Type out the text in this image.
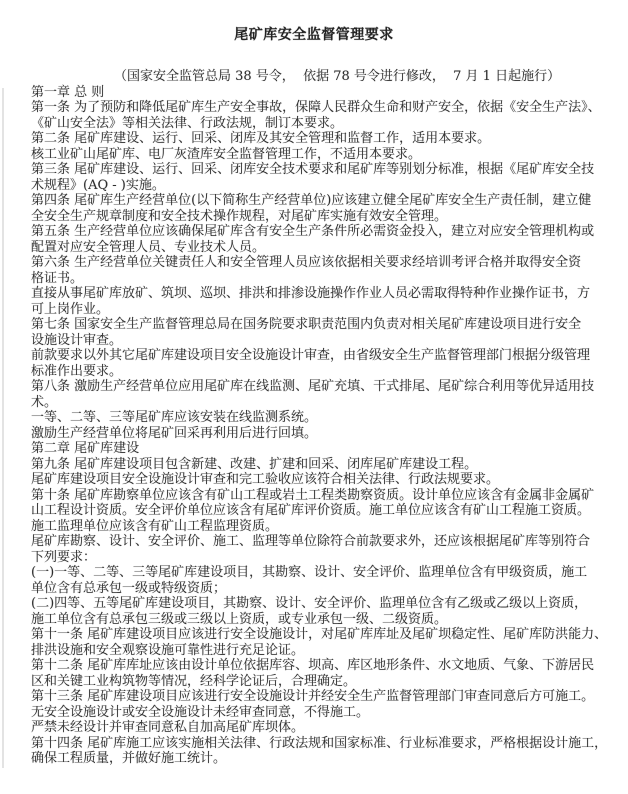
尾矿库安全监督管理要求
（国家安全监管总局 38 号令，  依据 78 号令进行修改，  7 月 1 日起施行）
第一章 总 则
第一条 为了预防和降低尾矿库生产安全事故，保障人民群众生命和财产安全，依据《安全生产法》、
《矿山安全法》等相关法律、行政法规，制订本要求。
第二条 尾矿库建设、运行、回采、闭库及其安全管理和监督工作，适用本要求。
核工业矿山尾矿库、电厂灰渣库安全监督管理工作，不适用本要求。
第三条 尾矿库建设、运行、回采、闭库安全技术要求和尾矿库等别划分标准，根据《尾矿库安全技
术规程》(AQ - )实施。
第四条 尾矿库生产经营单位(以下简称生产经营单位)应该建立健全尾矿库安全生产责任制，建立健
全安全生产规章制度和安全技术操作规程，对尾矿库实施有效安全管理。
第五条 生产经营单位应该确保尾矿库含有安全生产条件所必需资金投入，建立对应安全管理机构或
配置对应安全管理人员、专业技术人员。
第六条 生产经营单位关键责任人和安全管理人员应该依据相关要求经培训考评合格并取得安全资
格证书。
直接从事尾矿库放矿、筑坝、巡坝、排洪和排渗设施操作作业人员必需取得特种作业操作证书，方
可上岗作业。
第七条 国家安全生产监督管理总局在国务院要求职责范围内负责对相关尾矿库建设项目进行安全
设施设计审查。
前款要求以外其它尾矿库建设项目安全设施设计审查，由省级安全生产监督管理部门根据分级管理
标准作出要求。
第八条 激励生产经营单位应用尾矿库在线监测、尾矿充填、干式排尾、尾矿综合利用等优异适用技
术。
一等、二等、三等尾矿库应该安装在线监测系统。
激励生产经营单位将尾矿回采再利用后进行回填。
第二章 尾矿库建设
第九条 尾矿库建设项目包含新建、改建、扩建和回采、闭库尾矿库建设工程。
尾矿库建设项目安全设施设计审查和完工验收应该符合相关法律、行政法规要求。
第十条 尾矿库勘察单位应该含有矿山工程或岩土工程类勘察资质。设计单位应该含有金属非金属矿
山工程设计资质。安全评价单位应该含有尾矿库评价资质。施工单位应该含有矿山工程施工资质。
施工监理单位应该含有矿山工程监理资质。
尾矿库勘察、设计、安全评价、施工、监理等单位除符合前款要求外，还应该根据尾矿库等别符合
下列要求：
(一)一等、二等、三等尾矿库建设项目，其勘察、设计、安全评价、监理单位含有甲级资质，施工
单位含有总承包一级或特级资质；
(二)四等、五等尾矿库建设项目，其勘察、设计、安全评价、监理单位含有乙级或乙级以上资质，
施工单位含有总承包三级或三级以上资质，或专业承包一级、二级资质。
第十一条 尾矿库建设项目应该进行安全设施设计，对尾矿库库址及尾矿坝稳定性、尾矿库防洪能力、
排洪设施和安全观察设施可靠性进行充足论证。
第十二条 尾矿库库址应该由设计单位依据库容、坝高、库区地形条件、水文地质、气象、下游居民
区和关键工业构筑物等情况，经科学论证后，合理确定。
第十三条 尾矿库建设项目应该进行安全设施设计并经安全生产监督管理部门审查同意后方可施工。
无安全设施设计或安全设施设计未经审查同意，不得施工。
严禁未经设计并审查同意私自加高尾矿库坝体。
第十四条 尾矿库施工应该实施相关法律、行政法规和国家标准、行业标准要求，严格根据设计施工，
确保工程质量，并做好施工统计。
